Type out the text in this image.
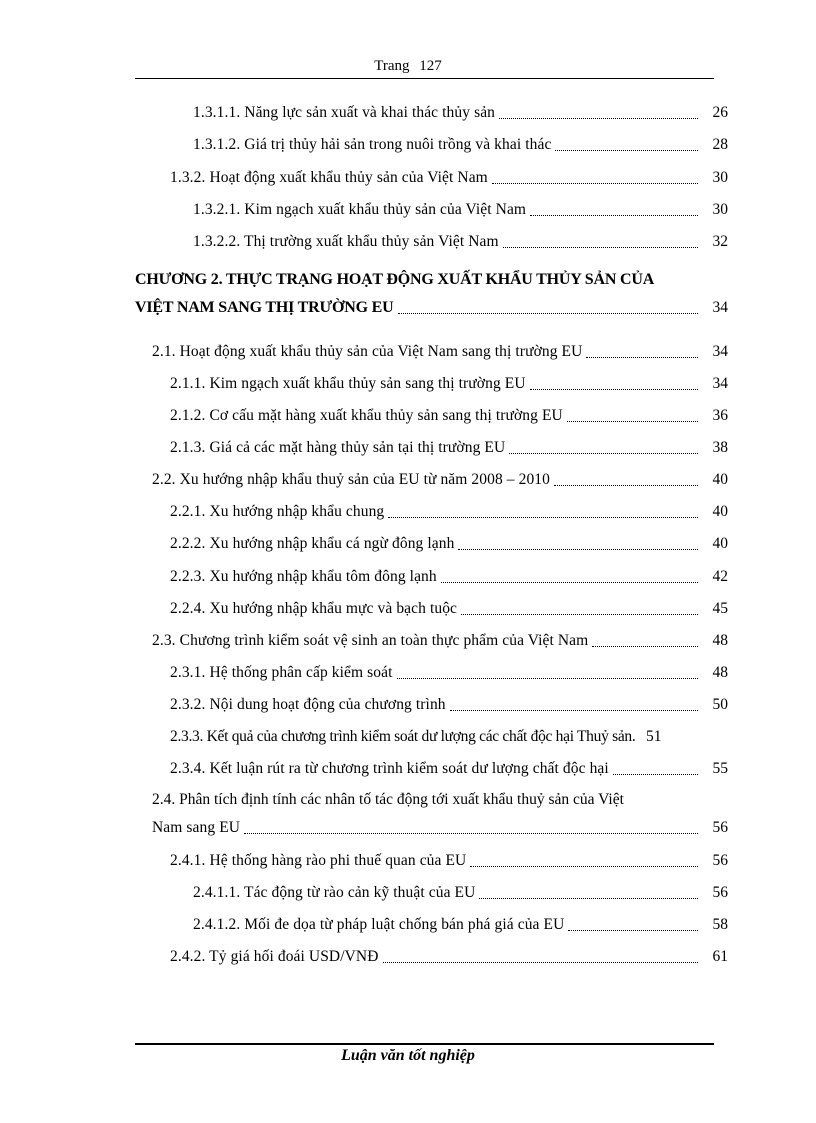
Trang 127
1.3.1.1. Năng lực sản xuất và khai thác thủy sản	26
1.3.1.2. Giá trị thủy hải sản trong nuôi trồng và khai thác	28
1.3.2. Hoạt động xuất khẩu thủy sản của Việt Nam	30
1.3.2.1. Kim ngạch xuất khẩu thủy sản của Việt Nam	30
1.3.2.2. Thị trường xuất khẩu thủy sản Việt Nam	32
CHƯƠNG 2. THỰC TRẠNG HOẠT ĐỘNG XUẤT KHẨU THỦY SẢN CỦA
VIỆT NAM SANG THỊ TRƯỜNG EU	34
2.1. Hoạt động xuất khẩu thủy sản của Việt Nam sang thị trường EU	34
2.1.1. Kim ngạch xuất khẩu thủy sản sang thị trường EU	34
2.1.2. Cơ cấu mặt hàng xuất khẩu thủy sản sang thị trường EU	36
2.1.3. Giá cả các mặt hàng thủy sản tại thị trường EU	38
2.2. Xu hướng nhập khẩu thuỷ sản của EU từ năm 2008 – 2010	40
2.2.1. Xu hướng nhập khẩu chung	40
2.2.2. Xu hướng nhập khẩu cá ngừ đông lạnh	40
2.2.3. Xu hướng nhập khẩu tôm đông lạnh	42
2.2.4. Xu hướng nhập khẩu mực và bạch tuộc	45
2.3. Chương trình kiểm soát vệ sinh an toàn thực phẩm của Việt Nam	48
2.3.1. Hệ thống phân cấp kiểm soát	48
2.3.2. Nội dung hoạt động của chương trình	50
2.3.3. Kết quả của chương trình kiểm soát dư lượng các chất độc hại Thuỷ sản. 51
2.3.4. Kết luận rút ra từ chương trình kiểm soát dư lượng chất độc hại	55
2.4. Phân tích định tính các nhân tố tác động tới xuất khẩu thuỷ sản của Việt
Nam sang EU	56
2.4.1. Hệ thống hàng rào phi thuế quan của EU	56
2.4.1.1. Tác động từ rào cản kỹ thuật của EU	56
2.4.1.2. Mối đe dọa từ pháp luật chống bán phá giá của EU	58
2.4.2. Tỷ giá hối đoái USD/VNĐ	61
Luận văn tốt nghiệp
